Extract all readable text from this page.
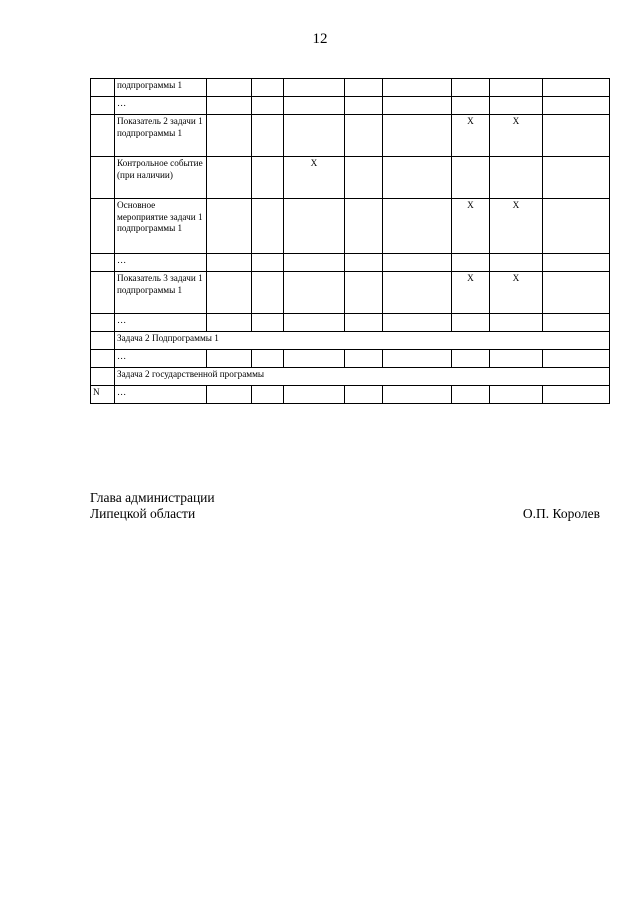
12
	подпрограммы 1								
	…								
	Показатель 2 задачи 1 подпрограммы 1						X	X	
	Контрольное событие (при наличии)			X					
	Основное мероприятие задачи 1 подпрограммы 1						X	X	
	…								
	Показатель 3 задачи 1 подпрограммы 1						X	X	
	…								
	Задача 2 Подпрограммы 1								
	…								
	Задача 2 государственной программы								
N	…								
Глава администрации
Липецкой области	О.П. Королев
